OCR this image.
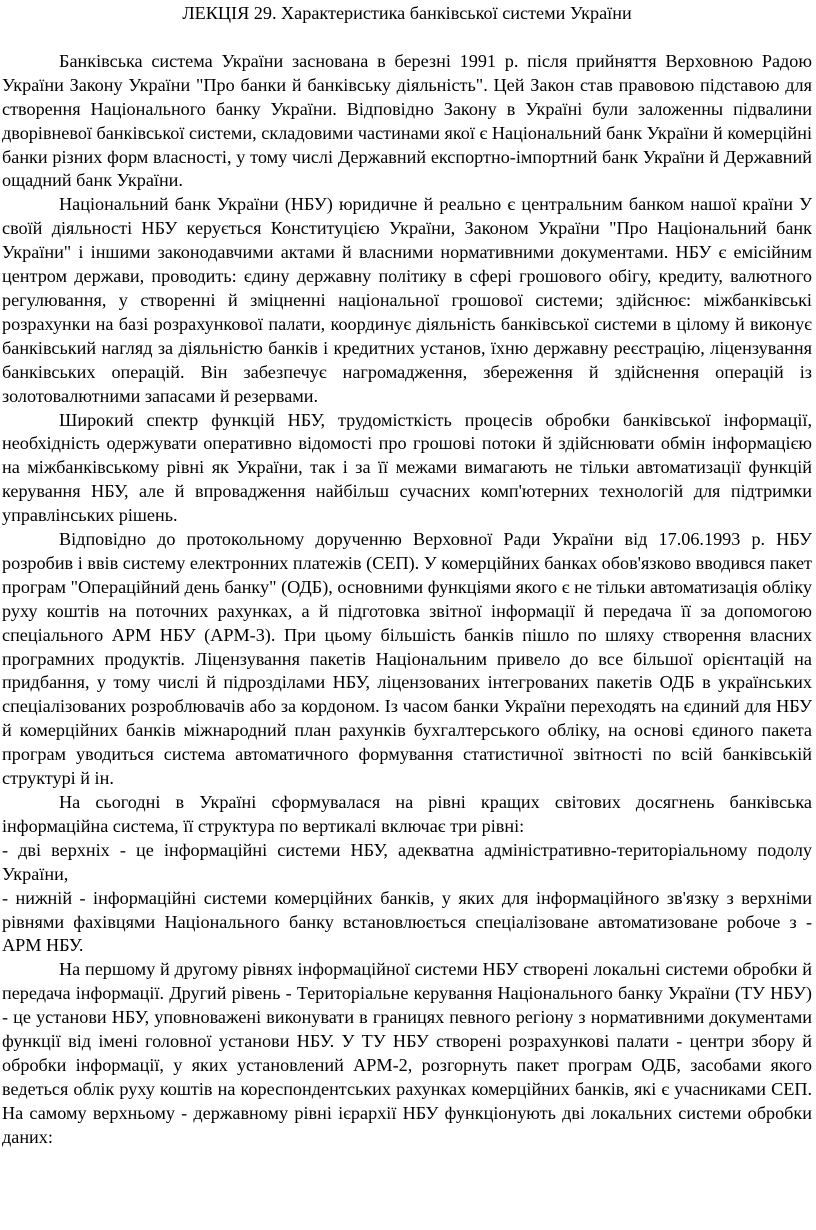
ЛЕКЦІЯ 29. Характеристика банківської системи України

Банківська система України заснована в березні 1991 р. після прийняття Верховною Радою України Закону України "Про банки й банківську діяльність". Цей Закон став правовою підставою для створення Національного банку України. Відповідно Закону в Україні були заложенны підвалини дворівневої банківської системи, складовими частинами якої є Національний банк України й комерційні банки різних форм власності, у тому числі Державний експортно-імпортний банк України й Державний ощадний банк України.

Національний банк України (НБУ) юридичне й реально є центральним банком нашої країни У своїй діяльності НБУ керується Конституцією України, Законом України "Про Національний банк України" і іншими законодавчими актами й власними нормативними документами. НБУ є емісійним центром держави, проводить: єдину державну політику в сфері грошового обігу, кредиту, валютного регулювання, у створенні й зміцненні національної грошової системи; здійснює: міжбанківські розрахунки на базі розрахункової палати, координує діяльність банківської системи в цілому й виконує банківський нагляд за діяльністю банків і кредитних установ, їхню державну реєстрацію, ліцензування банківських операцій. Він забезпечує нагромадження, збереження й здійснення операцій із золотовалютними запасами й резервами.

Широкий спектр функцій НБУ, трудомісткість процесів обробки банківської інформації, необхідність одержувати оперативно відомості про грошові потоки й здійснювати обмін інформацією на міжбанківському рівні як України, так і за її межами вимагають не тільки автоматизації функцій керування НБУ, але й впровадження найбільш сучасних комп'ютерних технологій для підтримки управлінських рішень.

Відповідно до протокольному дорученню Верховної Ради України від 17.06.1993 р. НБУ розробив і ввів систему електронних платежів (СЕП). У комерційних банках обов'язково вводився пакет програм "Операційний день банку" (ОДБ), основними функціями якого є не тільки автоматизація обліку руху коштів на поточних рахунках, а й підготовка звітної інформації й передача її за допомогою спеціального АРМ НБУ (АРМ-3). При цьому більшість банків пішло по шляху створення власних програмних продуктів. Ліцензування пакетів Національним привело до все більшої орієнтацій на придбання, у тому числі й підрозділами НБУ, ліцензованих інтегрованих пакетів ОДБ в українських спеціалізованих розроблювачів або за кордоном. Із часом банки України переходять на єдиний для НБУ й комерційних банків міжнародний план рахунків бухгалтерського обліку, на основі єдиного пакета програм уводиться система автоматичного формування статистичної звітності по всій банківській структурі й ін.

На сьогодні в Україні сформувалася на рівні кращих світових досягнень банківська інформаційна система, її структура по вертикалі включає три рівні:

- дві верхніх - це інформаційні системи НБУ, адекватна адміністративно-територіальному подолу України,

- нижній - інформаційні системи комерційних банків, у яких для інформаційного зв'язку з верхніми рівнями фахівцями Національного банку встановлюється спеціалізоване автоматизоване робоче з - АРМ НБУ.

На першому й другому рівнях інформаційної системи НБУ створені локальні системи обробки й передача інформації. Другий рівень - Територіальне керування Національного банку України (ТУ НБУ) - це установи НБУ, уповноважені виконувати в границях певного регіону з нормативними документами функції від імені головної установи НБУ. У ТУ НБУ створені розрахункові палати - центри збору й обробки інформації, у яких установлений АРМ-2, розгорнуть пакет програм ОДБ, засобами якого ведеться облік руху коштів на кореспондентських рахунках комерційних банків, які є учасниками СЕП. На самому верхньому - державному рівні ієрархії НБУ функціонують дві локальних системи обробки даних:
